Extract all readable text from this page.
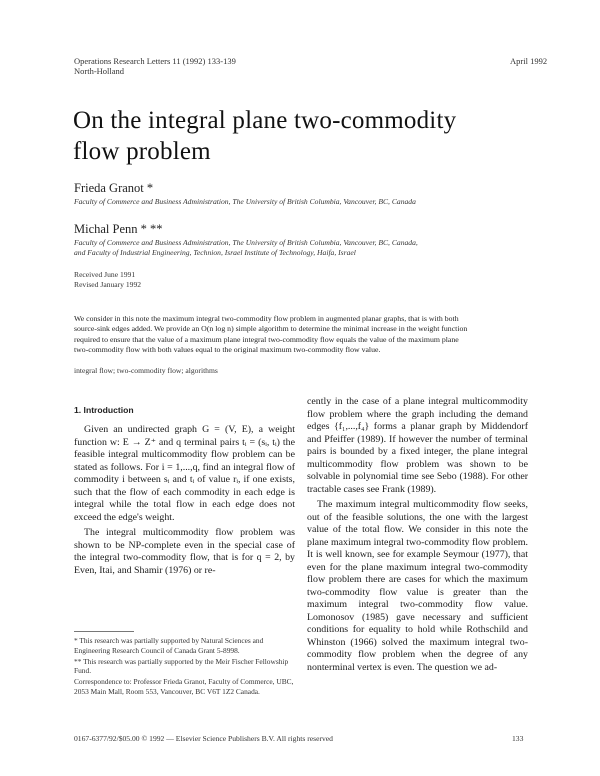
Operations Research Letters 11 (1992) 133-139
North-Holland
April 1992
On the integral plane two-commodity
flow problem
Frieda Granot *
Faculty of Commerce and Business Administration, The University of British Columbia, Vancouver, BC, Canada
Michal Penn * **
Faculty of Commerce and Business Administration, The University of British Columbia, Vancouver, BC, Canada,
and Faculty of Industrial Engineering, Technion, Israel Institute of Technology, Haifa, Israel
Received June 1991
Revised January 1992
We consider in this note the maximum integral two-commodity flow problem in augmented planar graphs, that is with both
source-sink edges added. We provide an O(n log n) simple algorithm to determine the minimal increase in the weight function
required to ensure that the value of a maximum plane integral two-commodity flow equals the value of the maximum plane
two-commodity flow with both values equal to the original maximum two-commodity flow value.
integral flow; two-commodity flow; algorithms
1. Introduction

Given an undirected graph G = (V, E), a weight function w: E → Z⁺ and q terminal pairs tᵢ = (sᵢ, tᵢ) the feasible integral multicommodity flow problem can be stated as follows. For i = 1,...,q, find an integral flow of commodity i between sᵢ and tᵢ of value rᵢ, if one exists, such that the flow of each commodity in each edge is integral while the total flow in each edge does not exceed the edge's weight.

The integral multicommodity flow problem was shown to be NP-complete even in the special case of the integral two-commodity flow, that is for q = 2, by Even, Itai, and Shamir (1976) or re-

* This research was partially supported by Natural Sciences and Engineering Research Council of Canada Grant 5-8998.

** This research was partially supported by the Meir Fischer Fellowship Fund.

Correspondence to: Professor Frieda Granot, Faculty of Commerce, UBC, 2053 Main Mall, Room 553, Vancouver, BC V6T 1Z2 Canada.

cently in the case of a plane integral multicommodity flow problem where the graph including the demand edges {f₁,...,f₄} forms a planar graph by Middendorf and Pfeiffer (1989). If however the number of terminal pairs is bounded by a fixed integer, the plane integral multicommodity flow problem was shown to be solvable in polynomial time see Sebo (1988). For other tractable cases see Frank (1989).

The maximum integral multicommodity flow seeks, out of the feasible solutions, the one with the largest value of the total flow. We consider in this note the plane maximum integral two-commodity flow problem. It is well known, see for example Seymour (1977), that even for the plane maximum integral two-commodity flow problem there are cases for which the maximum two-commodity flow value is greater than the maximum integral two-commodity flow value. Lomonosov (1985) gave necessary and sufficient conditions for equality to hold while Rothschild and Whinston (1966) solved the maximum integral two-commodity flow problem when the degree of any nonterminal vertex is even. The question we ad-

0167-6377/92/$05.00 © 1992 — Elsevier Science Publishers B.V. All rights reserved	133
